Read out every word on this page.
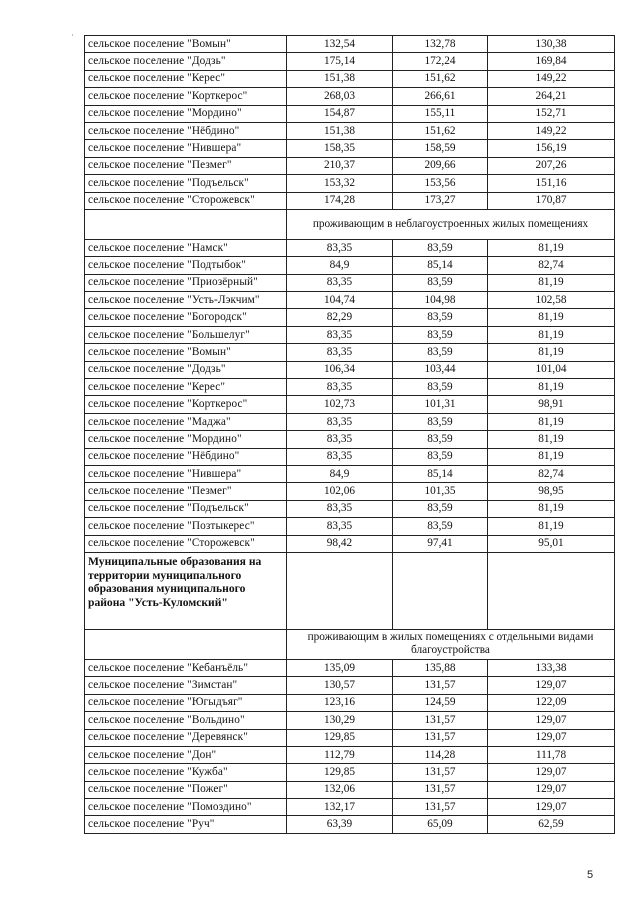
сельское поселение "Вомын"	132,54	132,78	130,38
сельское поселение "Додзь"	175,14	172,24	169,84
сельское поселение "Керес"	151,38	151,62	149,22
сельское поселение "Корткерос"	268,03	266,61	264,21
сельское поселение "Мордино"	154,87	155,11	152,71
сельское поселение "Нёбдино"	151,38	151,62	149,22
сельское поселение "Нившера"	158,35	158,59	156,19
сельское поселение "Пезмег"	210,37	209,66	207,26
сельское поселение "Подъельск"	153,32	153,56	151,16
сельское поселение "Сторожевск"	174,28	173,27	170,87
	проживающим в неблагоустроенных жилых помещениях		
сельское поселение "Намск"	83,35	83,59	81,19
сельское поселение "Подтыбок"	84,9	85,14	82,74
сельское поселение "Приозёрный"	83,35	83,59	81,19
сельское поселение "Усть-Лэкчим"	104,74	104,98	102,58
сельское поселение "Богородск"	82,29	83,59	81,19
сельское поселение "Большелуг"	83,35	83,59	81,19
сельское поселение "Вомын"	83,35	83,59	81,19
сельское поселение "Додзь"	106,34	103,44	101,04
сельское поселение "Керес"	83,35	83,59	81,19
сельское поселение "Корткерос"	102,73	101,31	98,91
сельское поселение "Маджа"	83,35	83,59	81,19
сельское поселение "Мордино"	83,35	83,59	81,19
сельское поселение "Нёбдино"	83,35	83,59	81,19
сельское поселение "Нившера"	84,9	85,14	82,74
сельское поселение "Пезмег"	102,06	101,35	98,95
сельское поселение "Подъельск"	83,35	83,59	81,19
сельское поселение "Позтыкерес"	83,35	83,59	81,19
сельское поселение "Сторожевск"	98,42	97,41	95,01
Муниципальные образования на территории муниципального образования муниципального района "Усть-Куломский"			
	проживающим в жилых помещениях с отдельными видами благоустройства		
сельское поселение "Кебанъёль"	135,09	135,88	133,38
сельское поселение "Зимстан"	130,57	131,57	129,07
сельское поселение "Югыдъяг"	123,16	124,59	122,09
сельское поселение "Вольдино"	130,29	131,57	129,07
сельское поселение "Деревянск"	129,85	131,57	129,07
сельское поселение "Дон"	112,79	114,28	111,78
сельское поселение "Кужба"	129,85	131,57	129,07
сельское поселение "Пожег"	132,06	131,57	129,07
сельское поселение "Помоздино"	132,17	131,57	129,07
сельское поселение "Руч"	63,39	65,09	62,59
5
·
